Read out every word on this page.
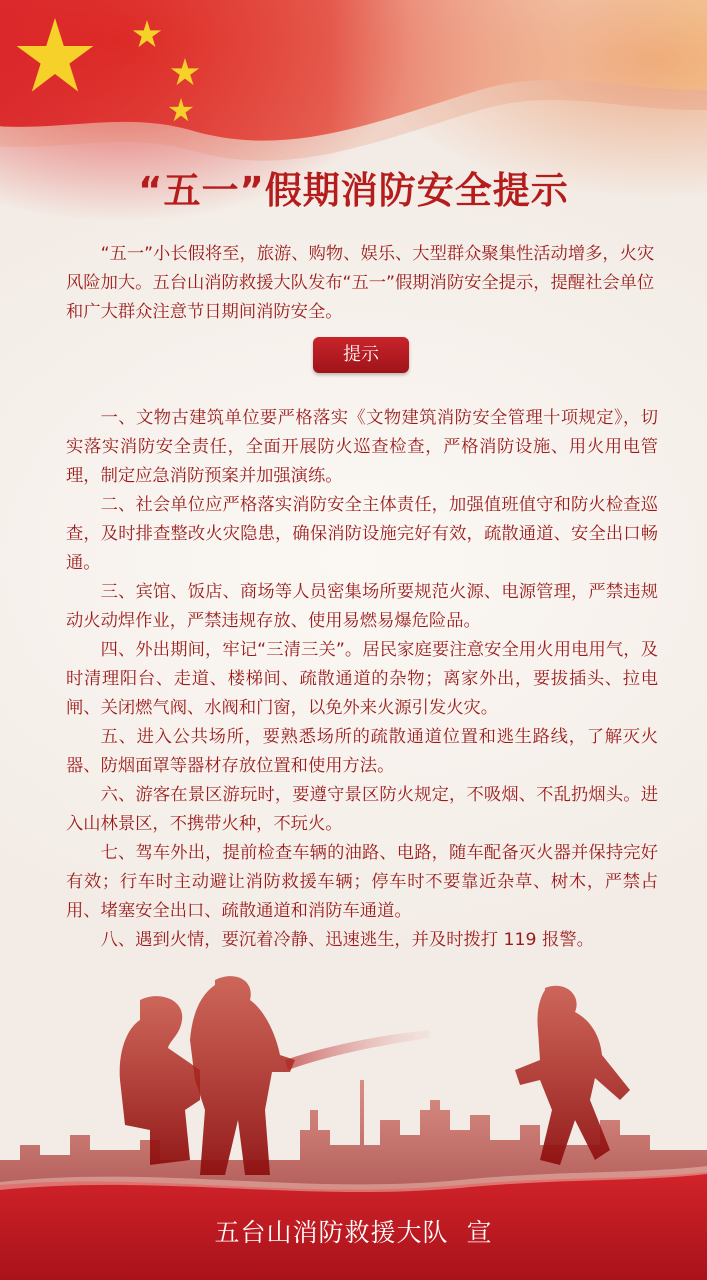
“五一”假期消防安全提示

“五一”小长假将至，旅游、购物、娱乐、大型群众聚集性活动增多，火灾风险加大。五台山消防救援大队发布“五一”假期消防安全提示，提醒社会单位和广大群众注意节日期间消防安全。

提示

一、文物古建筑单位要严格落实《文物建筑消防安全管理十项规定》，切实落实消防安全责任，全面开展防火巡查检查，严格消防设施、用火用电管理，制定应急消防预案并加强演练。

二、社会单位应严格落实消防安全主体责任，加强值班值守和防火检查巡查，及时排查整改火灾隐患，确保消防设施完好有效，疏散通道、安全出口畅通。

三、宾馆、饭店、商场等人员密集场所要规范火源、电源管理，严禁违规动火动焊作业，严禁违规存放、使用易燃易爆危险品。

四、外出期间，牢记“三清三关”。居民家庭要注意安全用火用电用气，及时清理阳台、走道、楼梯间、疏散通道的杂物；离家外出，要拔插头、拉电闸、关闭燃气阀、水阀和门窗，以免外来火源引发火灾。

五、进入公共场所，要熟悉场所的疏散通道位置和逃生路线，了解灭火器、防烟面罩等器材存放位置和使用方法。

六、游客在景区游玩时，要遵守景区防火规定，不吸烟、不乱扔烟头。进入山林景区，不携带火种，不玩火。

七、驾车外出，提前检查车辆的油路、电路，随车配备灭火器并保持完好有效；行车时主动避让消防救援车辆；停车时不要靠近杂草、树木，严禁占用、堵塞安全出口、疏散通道和消防车通道。

八、遇到火情，要沉着冷静、迅速逃生，并及时拨打 119 报警。

五台山消防救援大队  宣
